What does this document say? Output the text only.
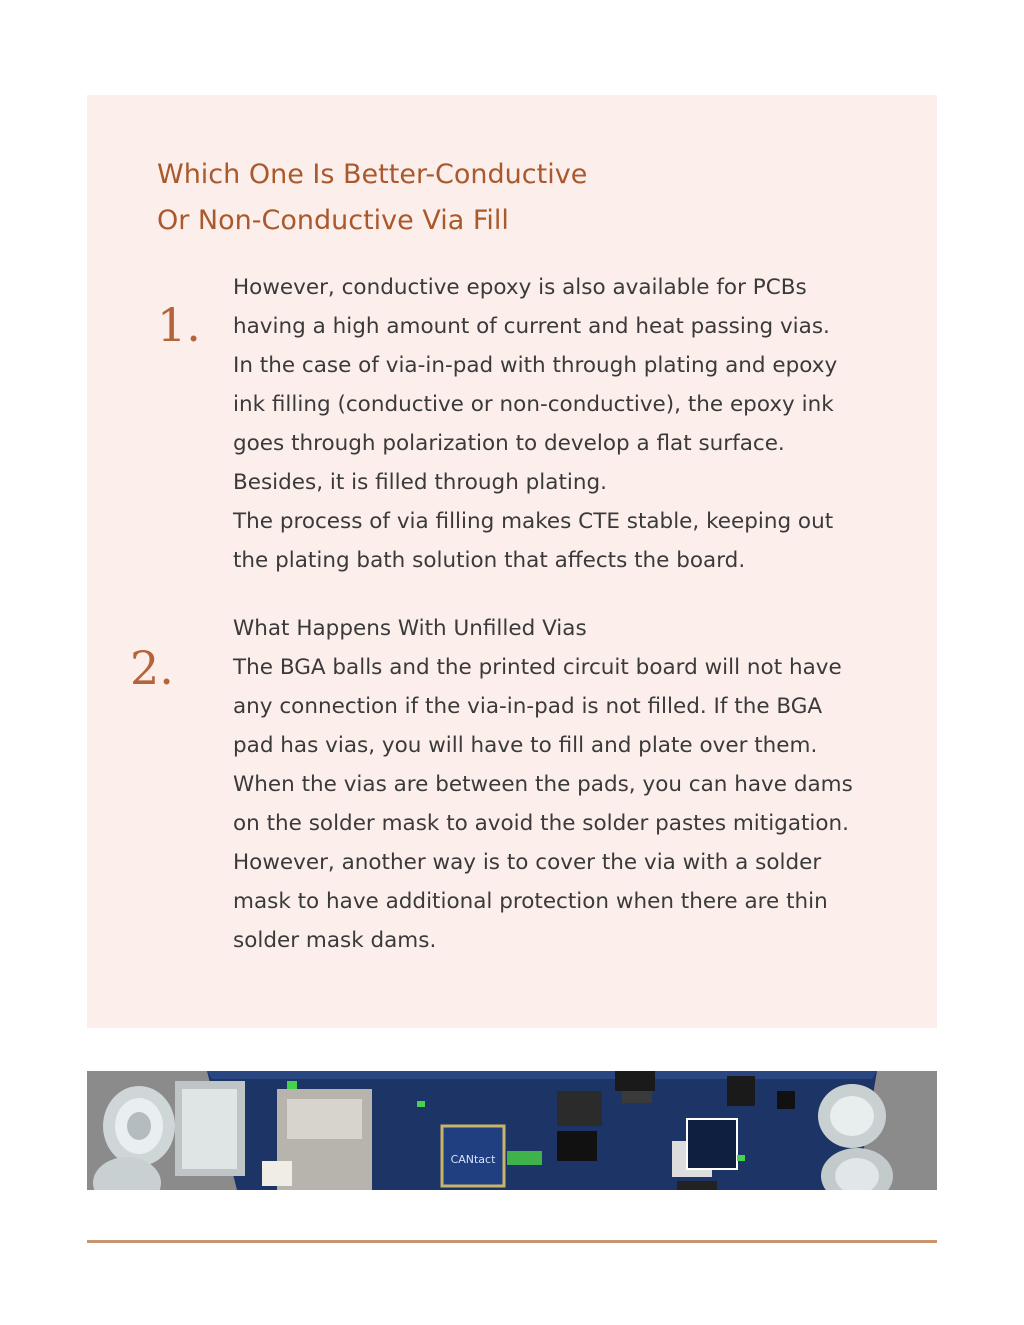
Which One Is Better-Conductive
Or Non-Conductive Via Fill
1.
However, conductive epoxy is also available for PCBs
having a high amount of current and heat passing vias.
In the case of via-in-pad with through plating and epoxy
ink filling (conductive or non-conductive), the epoxy ink
goes through polarization to develop a flat surface.
Besides, it is filled through plating.
The process of via filling makes CTE stable, keeping out
the plating bath solution that affects the board.
2.
What Happens With Unfilled Vias
The BGA balls and the printed circuit board will not have
any connection if the via-in-pad is not filled. If the BGA
pad has vias, you will have to fill and plate over them.
When the vias are between the pads, you can have dams
on the solder mask to avoid the solder pastes mitigation.
However, another way is to cover the via with a solder
mask to have additional protection when there are thin
solder mask dams.
CANtact
